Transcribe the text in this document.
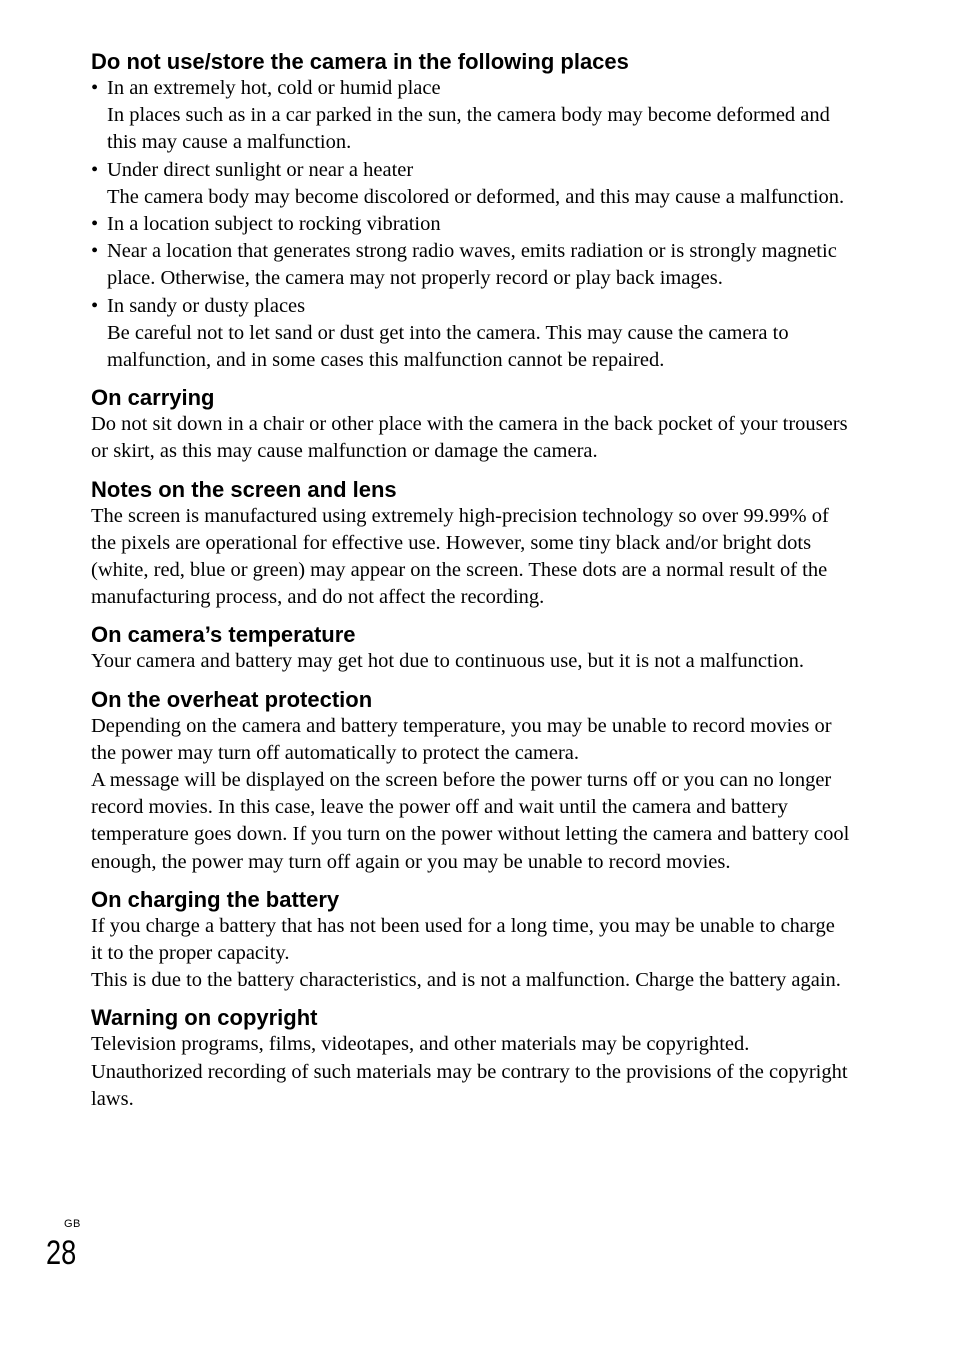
Do not use/store the camera in the following places
• In an extremely hot, cold or humid place
In places such as in a car parked in the sun, the camera body may become deformed and this may cause a malfunction.
• Under direct sunlight or near a heater
The camera body may become discolored or deformed, and this may cause a malfunction.
• In a location subject to rocking vibration
• Near a location that generates strong radio waves, emits radiation or is strongly magnetic place. Otherwise, the camera may not properly record or play back images.
• In sandy or dusty places
Be careful not to let sand or dust get into the camera. This may cause the camera to malfunction, and in some cases this malfunction cannot be repaired.
On carrying

Do not sit down in a chair or other place with the camera in the back pocket of your trousers or skirt, as this may cause malfunction or damage the camera.

Notes on the screen and lens

The screen is manufactured using extremely high-precision technology so over 99.99% of the pixels are operational for effective use. However, some tiny black and/or bright dots (white, red, blue or green) may appear on the screen. These dots are a normal result of the manufacturing process, and do not affect the recording.

On camera’s temperature

Your camera and battery may get hot due to continuous use, but it is not a malfunction.

On the overheat protection

Depending on the camera and battery temperature, you may be unable to record movies or the power may turn off automatically to protect the camera.

A message will be displayed on the screen before the power turns off or you can no longer record movies. In this case, leave the power off and wait until the camera and battery temperature goes down. If you turn on the power without letting the camera and battery cool enough, the power may turn off again or you may be unable to record movies.

On charging the battery

If you charge a battery that has not been used for a long time, you may be unable to charge it to the proper capacity.

This is due to the battery characteristics, and is not a malfunction. Charge the battery again.

Warning on copyright

Television programs, films, videotapes, and other materials may be copyrighted. Unauthorized recording of such materials may be contrary to the provisions of the copyright laws.

GB
28
